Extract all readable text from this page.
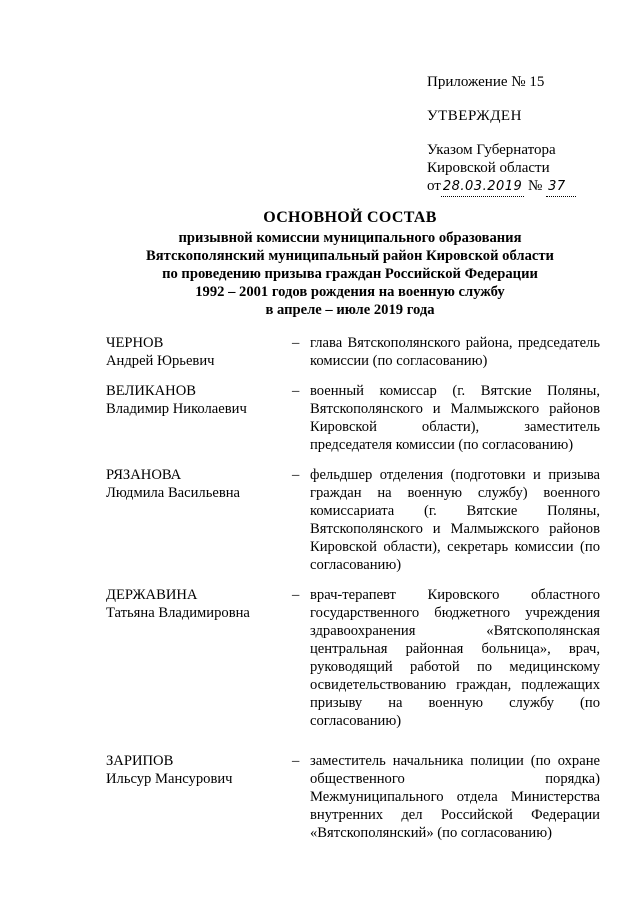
Приложение № 15
УТВЕРЖДЕН
Указом Губернатора
Кировской области
от 28.03.2019 № 37
ОСНОВНОЙ СОСТАВ
призывной комиссии муниципального образования
Вятскополянский муниципальный район Кировской области
по проведению призыва граждан Российской Федерации
1992 – 2001 годов рождения на военную службу
в апреле – июле 2019 года
ЧЕРНОВ
Андрей Юрьевич
– глава Вятскополянского района, председатель комиссии (по согласованию)
ВЕЛИКАНОВ
Владимир Николаевич
– военный комиссар (г. Вятские Поляны, Вятскополянского и Малмыжского районов Кировской области), заместитель председателя комиссии (по согласованию)
РЯЗАНОВА
Людмила Васильевна
– фельдшер отделения (подготовки и призыва граждан на военную службу) военного комиссариата (г. Вятские Поляны, Вятскополянского и Малмыжского районов Кировской области), секретарь комиссии (по согласованию)
ДЕРЖАВИНА
Татьяна Владимировна
– врач-терапевт Кировского областного государственного бюджетного учреждения здравоохранения «Вятскополянская центральная районная больница», врач, руководящий работой по медицинскому освидетельствованию граждан, подлежащих призыву на военную службу (по согласованию)
ЗАРИПОВ
Ильсур Мансурович
– заместитель начальника полиции (по охране общественного порядка) Межмуниципального отдела Министерства внутренних дел Российской Федерации «Вятскополянский» (по согласованию)
